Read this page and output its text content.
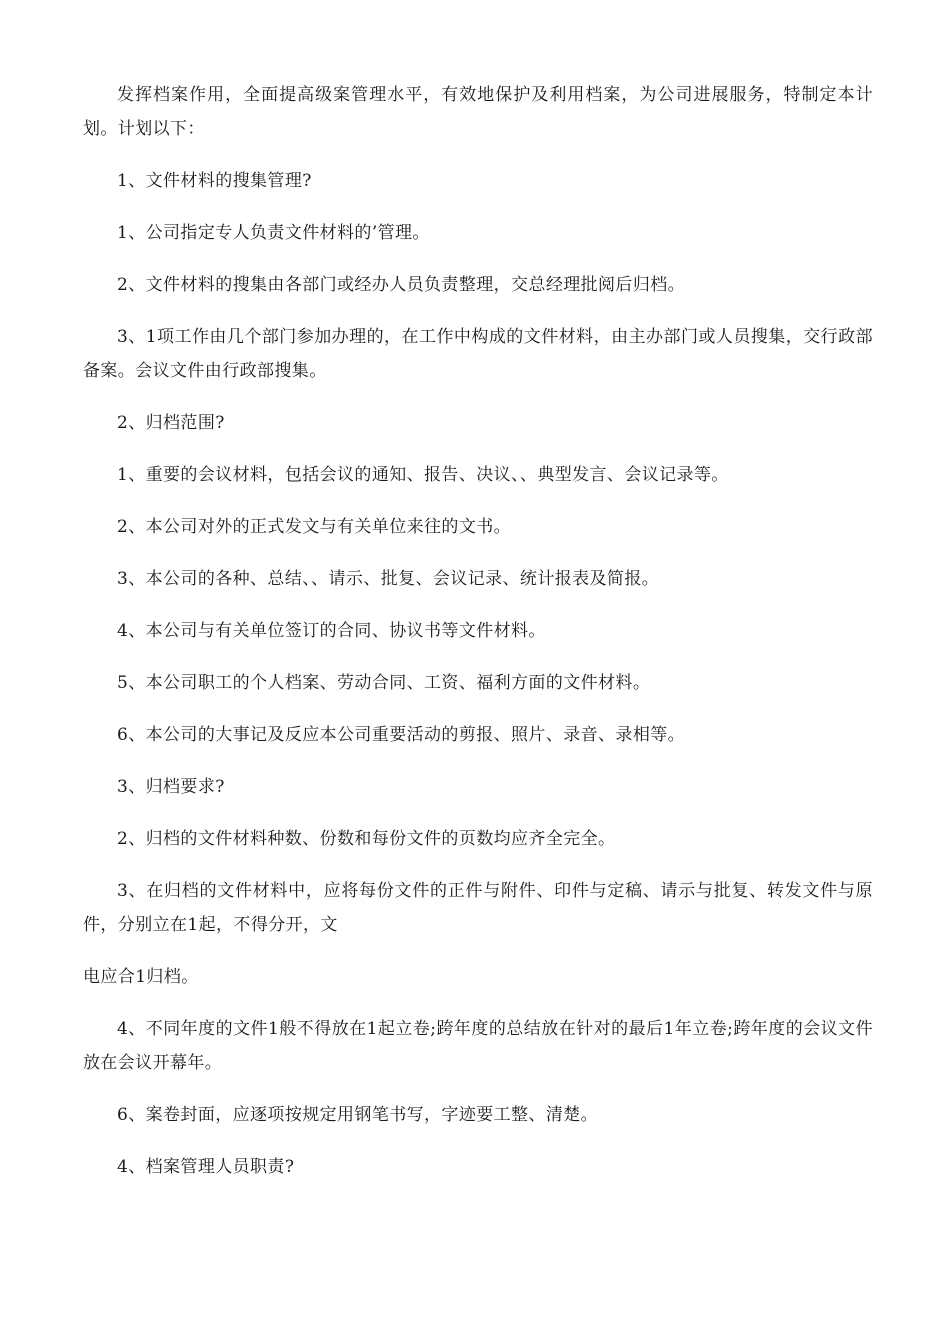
发挥档案作用，全面提高级案管理水平，有效地保护及利用档案，为公司进展服务，特制定本计划。计划以下：

1、文件材料的搜集管理?

1、公司指定专人负责文件材料的’管理。

2、文件材料的搜集由各部门或经办人员负责整理，交总经理批阅后归档。

3、1项工作由几个部门参加办理的，在工作中构成的文件材料，由主办部门或人员搜集，交行政部备案。会议文件由行政部搜集。

2、归档范围?

1、重要的会议材料，包括会议的通知、报告、决议、、典型发言、会议记录等。

2、本公司对外的正式发文与有关单位来往的文书。

3、本公司的各种、总结、、请示、批复、会议记录、统计报表及简报。

4、本公司与有关单位签订的合同、协议书等文件材料。

5、本公司职工的个人档案、劳动合同、工资、福利方面的文件材料。

6、本公司的大事记及反应本公司重要活动的剪报、照片、录音、录相等。

3、归档要求?

2、归档的文件材料种数、份数和每份文件的页数均应齐全完全。

3、在归档的文件材料中，应将每份文件的正件与附件、印件与定稿、请示与批复、转发文件与原件，分别立在1起，不得分开，文

电应合1归档。

4、不同年度的文件1般不得放在1起立卷;跨年度的总结放在针对的最后1年立卷;跨年度的会议文件放在会议开幕年。

6、案卷封面，应逐项按规定用钢笔书写，字迹要工整、清楚。

4、档案管理人员职责?
